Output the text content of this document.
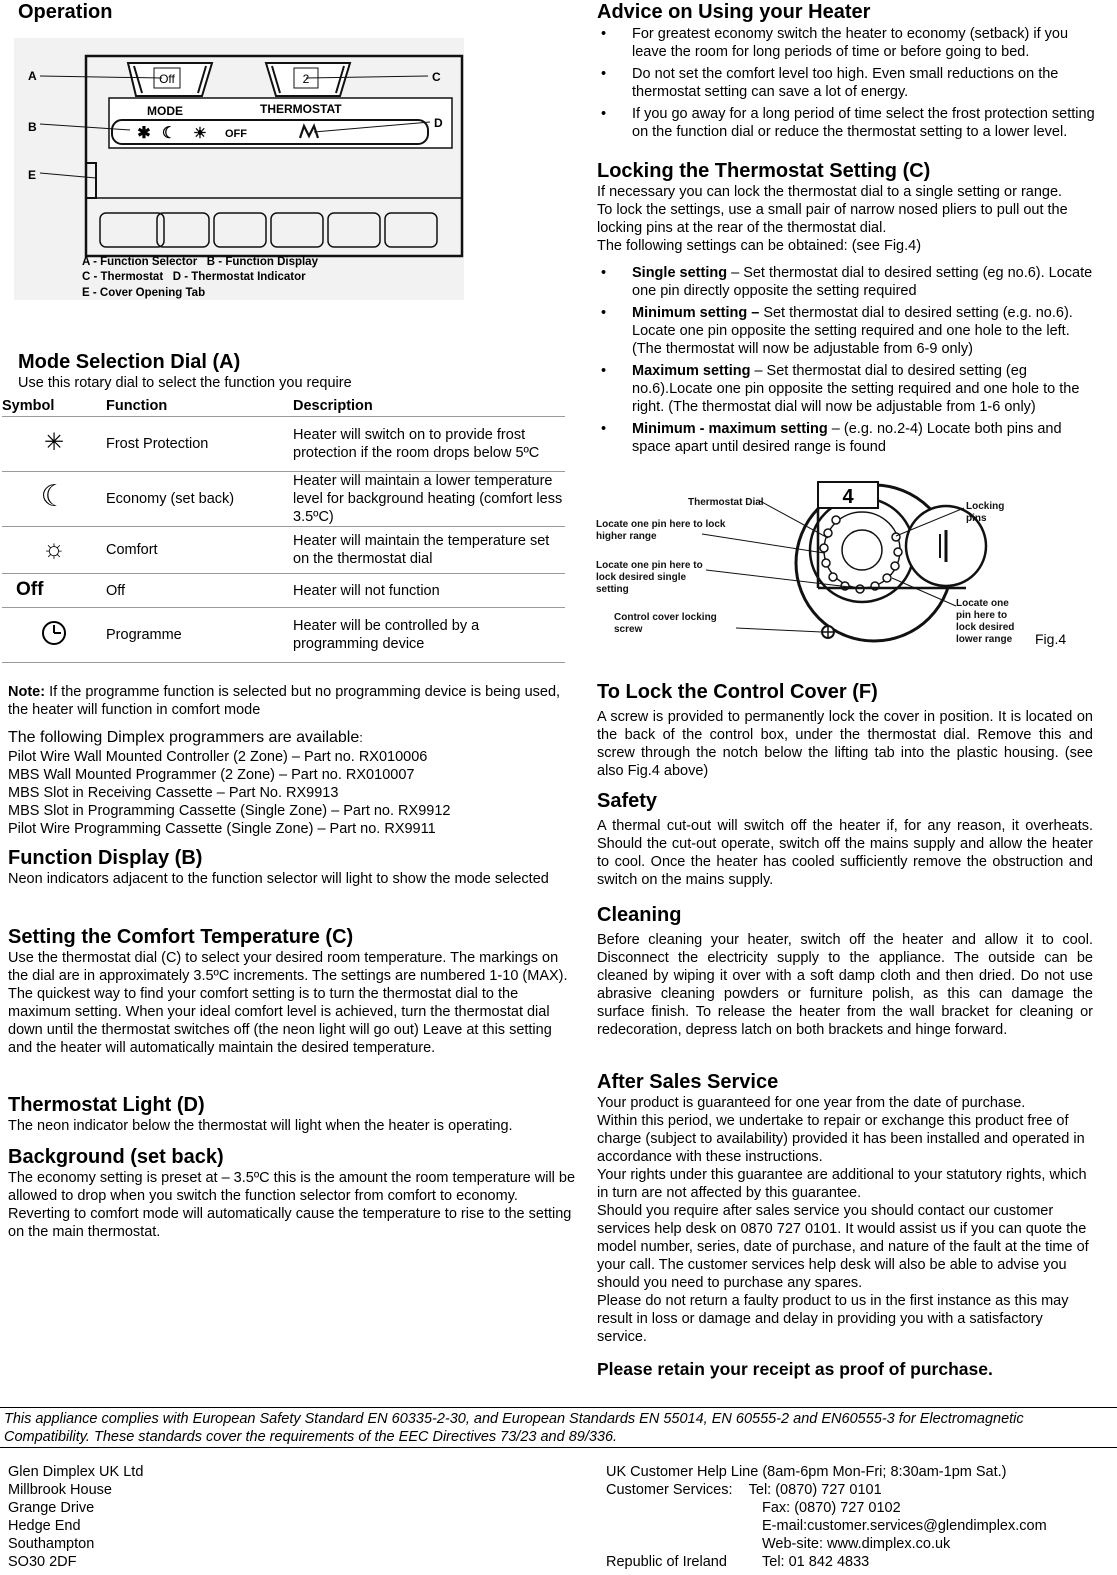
Operation
Off	2
MODE	THERMOSTAT
✱ ☾ ☀ OFF
A
B
E
C
D
A - Function Selector   B - Function Display
C - Thermostat   D - Thermostat Indicator
E - Cover Opening Tab
Mode Selection Dial (A)

Use this rotary dial to select the function you require

Symbol	Function	Description
✳	Frost Protection	Heater will switch on to provide frost protection if the room drops below 5ºC
☾	Economy (set back)	Heater will maintain a lower temperature level for background heating (comfort less 3.5ºC)
☼	Comfort	Heater will maintain the temperature set on the thermostat dial
Off	Off	Heater will not function
	Programme	Heater will be controlled by a programming device

Note: If the programme function is selected but no programming device is being used, the heater will function in comfort mode

The following Dimplex programmers are available:

Pilot Wire Wall Mounted Controller (2 Zone) – Part no. RX010006

MBS Wall Mounted Programmer (2 Zone) – Part no. RX010007

MBS Slot in Receiving Cassette – Part No. RX9913

MBS Slot in Programming Cassette (Single Zone) – Part no. RX9912

Pilot Wire Programming Cassette (Single Zone) – Part no. RX9911

Function Display (B)

Neon indicators adjacent to the function selector will light to show the mode selected

Setting the Comfort Temperature (C)

Use the thermostat dial (C) to select your desired room temperature. The markings on the dial are in approximately 3.5ºC increments. The settings are numbered 1-10 (MAX). The quickest way to find your comfort setting is to turn the thermostat dial to the maximum setting. When your ideal comfort level is achieved, turn the thermostat dial down until the thermostat switches off (the neon light will go out) Leave at this setting and the heater will automatically maintain the desired temperature.

Thermostat Light (D)

The neon indicator below the thermostat will light when the heater is operating.

Background (set back)

The economy setting is preset at – 3.5ºC this is the amount the room temperature will be allowed to drop when you switch the function selector from comfort to economy.

Reverting to comfort mode will automatically cause the temperature to rise to the setting on the main thermostat.

Advice on Using your Heater
• For greatest economy switch the heater to economy (setback) if you leave the room for long periods of time or before going to bed.
• Do not set the comfort level too high. Even small reductions on the thermostat setting can save a lot of energy.
• If you go away for a long period of time select the frost protection setting on the function dial or reduce the thermostat setting to a lower level.
Locking the Thermostat Setting (C)

If necessary you can lock the thermostat dial to a single setting or range.

To lock the settings, use a small pair of narrow nosed pliers to pull out the locking pins at the rear of the thermostat dial.

The following settings can be obtained: (see Fig.4)

• Single setting – Set thermostat dial to desired setting (eg no.6). Locate one pin directly opposite the setting required
• Minimum setting – Set thermostat dial to desired setting (e.g. no.6). Locate one pin opposite the setting required and one hole to the left. (The thermostat will now be adjustable from 6-9 only)
• Maximum setting – Set thermostat dial to desired setting (eg no.6).Locate one pin opposite the setting required and one hole to the right. (The thermostat dial will now be adjustable from 1-6 only)
• Minimum - maximum setting – (e.g. no.2-4) Locate both pins and space apart until desired range is found
4
Thermostat Dial
Locate one pin here to lock
higher range
Locate one pin here to
lock desired single
setting
Control cover locking
screw
Locking
pins
Locate one
pin here to
lock desired
lower range Fig.4
To Lock the Control Cover (F)

A screw is provided to permanently lock the cover in position. It is located on the back of the control box, under the thermostat dial. Remove this and screw through the notch below the lifting tab into the plastic housing. (see also Fig.4 above)

Safety

A thermal cut-out will switch off the heater if, for any reason, it overheats. Should the cut-out operate, switch off the mains supply and allow the heater to cool. Once the heater has cooled sufficiently remove the obstruction and switch on the mains supply.

Cleaning

Before cleaning your heater, switch off the heater and allow it to cool. Disconnect the electricity supply to the appliance. The outside can be cleaned by wiping it over with a soft damp cloth and then dried. Do not use abrasive cleaning powders or furniture polish, as this can damage the surface finish. To release the heater from the wall bracket for cleaning or redecoration, depress latch on both brackets and hinge forward.

After Sales Service

Your product is guaranteed for one year from the date of purchase.

Within this period, we undertake to repair or exchange this product free of charge (subject to availability) provided it has been installed and operated in accordance with these instructions.

Your rights under this guarantee are additional to your statutory rights, which in turn are not affected by this guarantee.

Should you require after sales service you should contact our customer services help desk on 0870 727 0101. It would assist us if you can quote the model number, series, date of purchase, and nature of the fault at the time of your call. The customer services help desk will also be able to advise you should you need to purchase any spares.

Please do not return a faulty product to us in the first instance as this may result in loss or damage and delay in providing you with a satisfactory service.

Please retain your receipt as proof of purchase.

This appliance complies with European Safety Standard EN 60335-2-30, and European Standards EN 55014, EN 60555-2 and EN60555-3 for Electromagnetic Compatibility. These standards cover the requirements of the EEC Directives 73/23 and 89/336.

Glen Dimplex UK Ltd

Millbrook House

Grange Drive

Hedge End

Southampton

SO30 2DF

UK Customer Help Line (8am-6pm Mon-Fri; 8:30am-1pm Sat.)

Customer Services: Tel: (0870) 727 0101

Fax: (0870) 727 0102

E-mail:customer.services@glendimplex.com

Web-site: www.dimplex.co.uk

Republic of Ireland Tel: 01 842 4833
